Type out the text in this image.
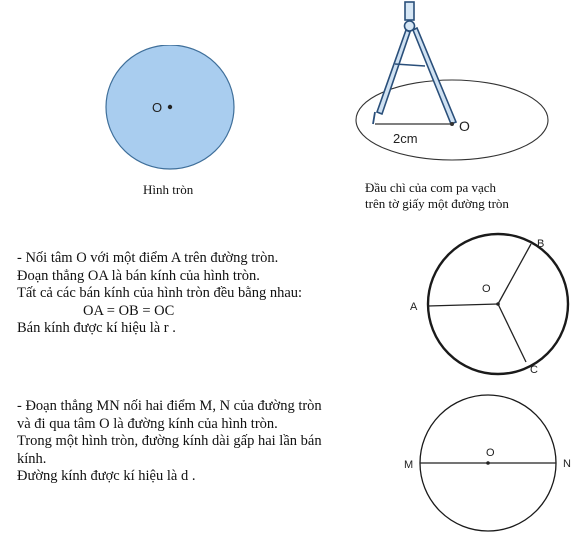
O
Hình tròn
2cm
O
Đầu chì của com pa vạch
trên tờ giấy một đường tròn

- Nối tâm O với một điểm A trên đường tròn.

Đoạn thẳng OA là bán kính của hình tròn.

Tất cả các bán kính của hình tròn đều bằng nhau:

OA = OB = OC

Bán kính được kí hiệu là r .

O
A
B
C

- Đoạn thẳng MN nối hai điểm M, N của đường tròn

và đi qua tâm O là đường kính của hình tròn.

Trong một hình tròn, đường kính dài gấp hai lần bán

kính.

Đường kính được kí hiệu là d .

O
M	N
